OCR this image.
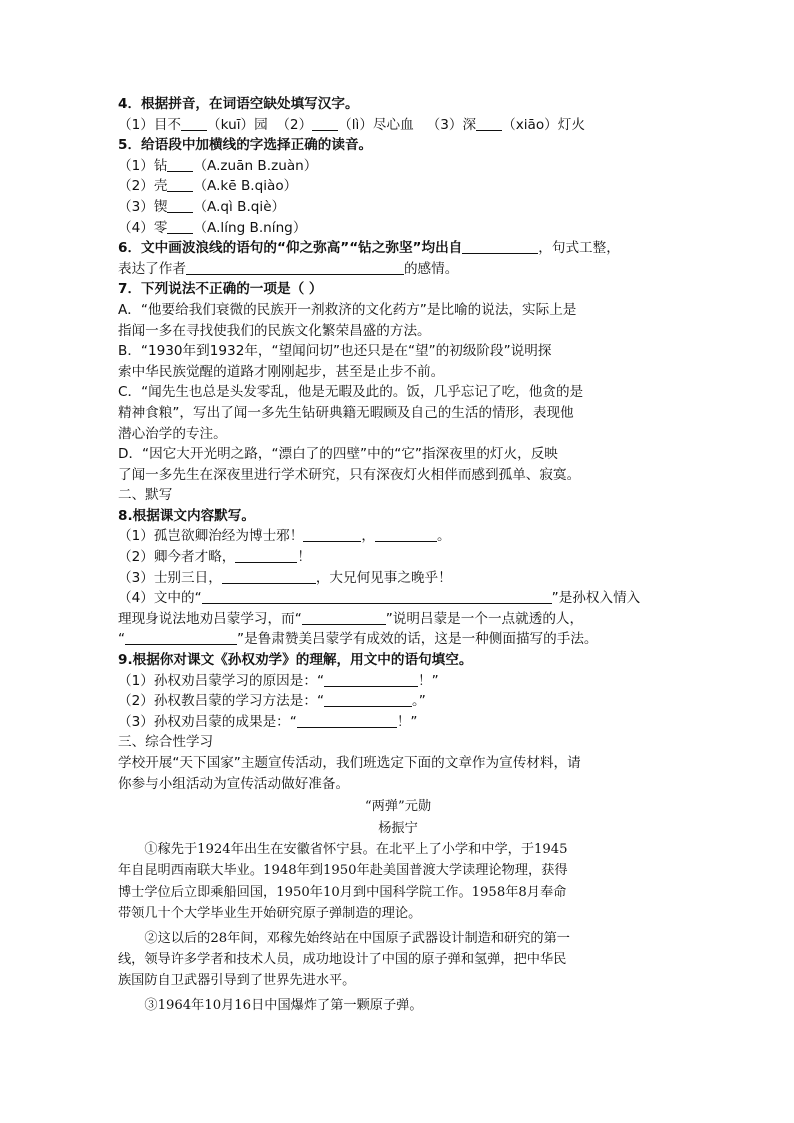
4．根据拼音，在词语空缺处填写汉字。
（1）目不 （kuī）园 （2） （lì）尽心血 （3）深 （xiāo）灯火
5．给语段中加横线的字选择正确的读音。
（1）钻 （A.zuān B.zuàn）
（2）壳 （A.kē B.qiào）
（3）锲 （A.qì B.qiè）
（4）零 （A.líng B.níng）
6．文中画波浪线的语句的“仰之弥高”“钻之弥坚”均出自	，句式工整，
表达了作者	的感情。
7．下列说法不正确的一项是（ ）
A．“他要给我们衰微的民族开一剂救济的文化药方”是比喻的说法，实际上是
指闻一多在寻找使我们的民族文化繁荣昌盛的方法。
B．“1930年到1932年，“望闻问切”也还只是在“望”的初级阶段”说明探
索中华民族觉醒的道路才刚刚起步，甚至是止步不前。
C．“闻先生也总是头发零乱，他是无暇及此的。饭，几乎忘记了吃，他贪的是
精神食粮”，写出了闻一多先生钻研典籍无暇顾及自己的生活的情形，表现他
潜心治学的专注。
D．“因它大开光明之路，“漂白了的四壁”中的“它”指深夜里的灯火，反映
了闻一多先生在深夜里进行学术研究，只有深夜灯火相伴而感到孤单、寂寞。
二、默写
8.根据课文内容默写。
（1）孤岂欲卿治经为博士邪！	，	。
（2）卿今者才略，	！
（3）士别三日，	，大兄何见事之晚乎！
（4）文中的“	”是孙权入情入
理现身说法地劝吕蒙学习，而“	”说明吕蒙是一个一点就透的人，
“	”是鲁肃赞美吕蒙学有成效的话，这是一种侧面描写的手法。
9.根据你对课文《孙权劝学》的理解，用文中的语句填空。
（1）孙权劝吕蒙学习的原因是：“	！”
（2）孙权教吕蒙的学习方法是：“	。”
（3）孙权劝吕蒙的成果是：“	！”
三、综合性学习
学校开展“天下国家”主题宣传活动，我们班选定下面的文章作为宣传材料，请
你参与小组活动为宣传活动做好准备。
“两弹”元勋
杨振宁
①稼先于1924年出生在安徽省怀宁县。在北平上了小学和中学，于1945
年自昆明西南联大毕业。1948年到1950年赴美国普渡大学读理论物理，获得
博士学位后立即乘船回国，1950年10月到中国科学院工作。1958年8月奉命
带领几十个大学毕业生开始研究原子弹制造的理论。
②这以后的28年间，邓稼先始终站在中国原子武器设计制造和研究的第一
线，领导许多学者和技术人员，成功地设计了中国的原子弹和氢弹，把中华民
族国防自卫武器引导到了世界先进水平。
③1964年10月16日中国爆炸了第一颗原子弹。
